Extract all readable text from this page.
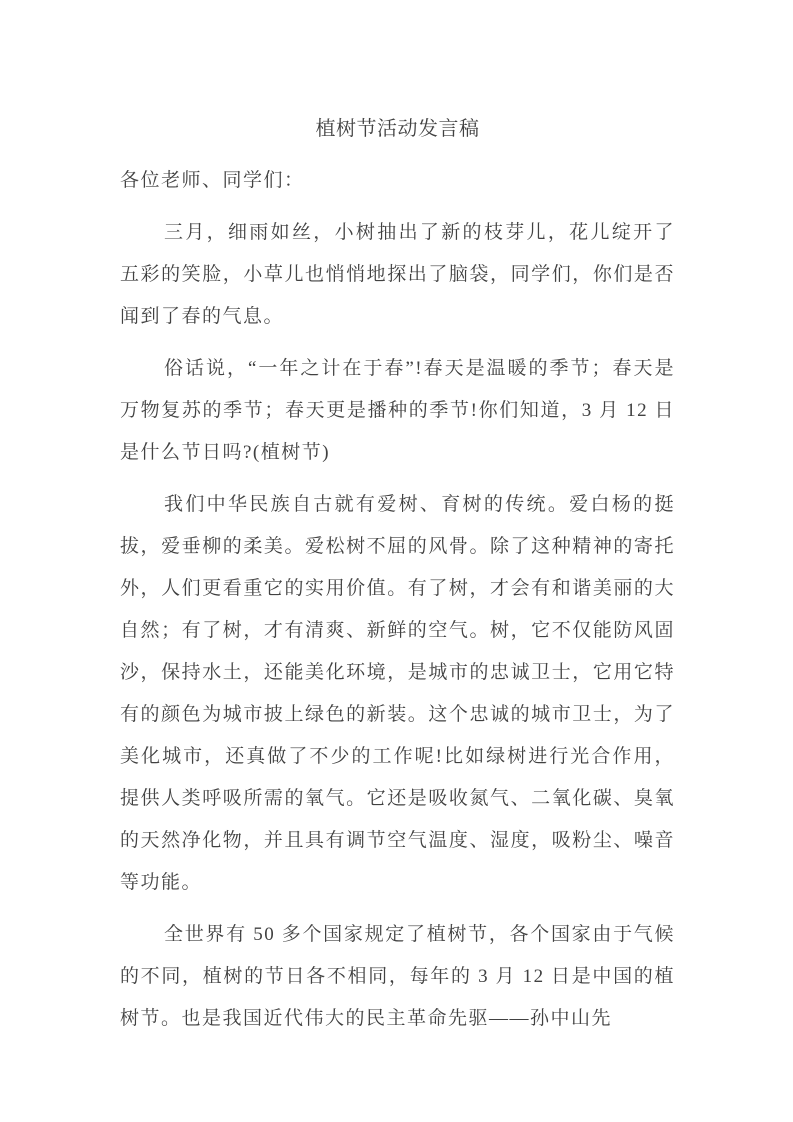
植树节活动发言稿
各位老师、同学们：

三月，细雨如丝，小树抽出了新的枝芽儿，花儿绽开了五彩的笑脸，小草儿也悄悄地探出了脑袋，同学们，你们是否闻到了春的气息。

俗话说，“一年之计在于春”!春天是温暖的季节；春天是万物复苏的季节；春天更是播种的季节!你们知道，3 月 12 日是什么节日吗?(植树节)

我们中华民族自古就有爱树、育树的传统。爱白杨的挺拔，爱垂柳的柔美。爱松树不屈的风骨。除了这种精神的寄托外，人们更看重它的实用价值。有了树，才会有和谐美丽的大自然；有了树，才有清爽、新鲜的空气。树，它不仅能防风固沙，保持水土，还能美化环境，是城市的忠诚卫士，它用它特有的颜色为城市披上绿色的新装。这个忠诚的城市卫士，为了美化城市，还真做了不少的工作呢!比如绿树进行光合作用，提供人类呼吸所需的氧气。它还是吸收氮气、二氧化碳、臭氧的天然净化物，并且具有调节空气温度、湿度，吸粉尘、噪音等功能。

全世界有 50 多个国家规定了植树节，各个国家由于气候的不同，植树的节日各不相同，每年的 3 月 12 日是中国的植树节。也是我国近代伟大的民主革命先驱——孙中山先
